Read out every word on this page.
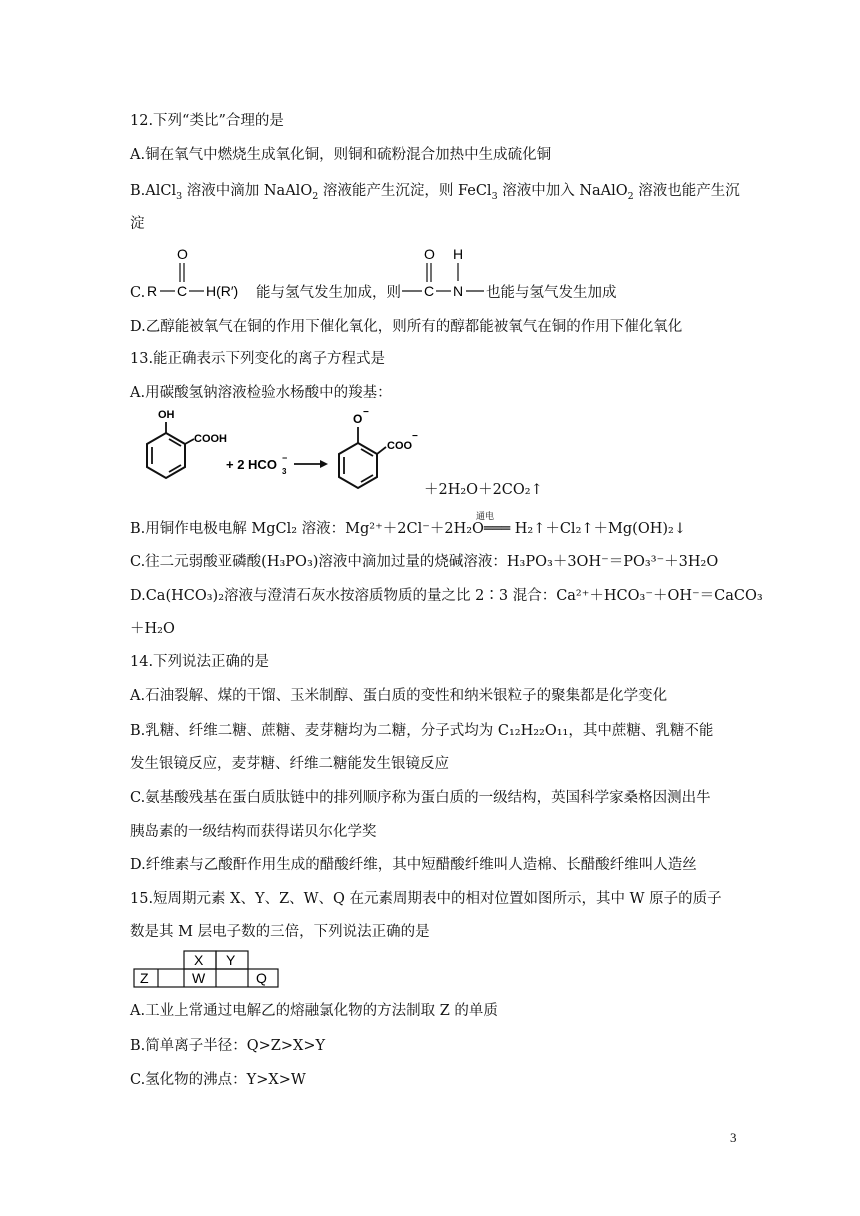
12.下列“类比”合理的是
A.铜在氧气中燃烧生成氧化铜，则铜和硫粉混合加热中生成硫化铜
B.AlCl$_3$ 溶液中滴加 NaAlO$_2$ 溶液能产生沉淀，则 FeCl$_3$ 溶液中加入 NaAlO$_2$ 溶液也能产生沉
淀
C.
O
R C H(R′) 能与氢气发生加成，则
O H
C N 也能与氢气发生加成
D.乙醇能被氧气在铜的作用下催化氧化，则所有的醇都能被氧气在铜的作用下催化氧化
13.能正确表示下列变化的离子方程式是
A.用碳酸氢钠溶液检验水杨酸中的羧基：
OH
COOH
+ 2 HCO 3
−
O −
COO
−
＋2H₂O＋2CO₂↑
通电
B.用铜作电极电解 MgCl₂ 溶液：Mg²⁺＋2Cl⁻＋2H₂O═══ H₂↑＋Cl₂↑＋Mg(OH)₂↓
C.往二元弱酸亚磷酸(H₃PO₃)溶液中滴加过量的烧碱溶液：H₃PO₃＋3OH⁻＝PO₃³⁻＋3H₂O
D.Ca(HCO₃)₂溶液与澄清石灰水按溶质物质的量之比 2∶3 混合：Ca²⁺＋HCO₃⁻＋OH⁻＝CaCO₃
＋H₂O
14.下列说法正确的是
A.石油裂解、煤的干馏、玉米制醇、蛋白质的变性和纳米银粒子的聚集都是化学变化
B.乳糖、纤维二糖、蔗糖、麦芽糖均为二糖，分子式均为 C₁₂H₂₂O₁₁，其中蔗糖、乳糖不能
发生银镜反应，麦芽糖、纤维二糖能发生银镜反应
C.氨基酸残基在蛋白质肽链中的排列顺序称为蛋白质的一级结构，英国科学家桑格因测出牛
胰岛素的一级结构而获得诺贝尔化学奖
D.纤维素与乙酸酐作用生成的醋酸纤维，其中短醋酸纤维叫人造棉、长醋酸纤维叫人造丝
15.短周期元素 X、Y、Z、W、Q 在元素周期表中的相对位置如图所示，其中 W 原子的质子
数是其 M 层电子数的三倍，下列说法正确的是
X Y
Z	W	Q
A.工业上常通过电解乙的熔融氯化物的方法制取 Z 的单质
B.简单离子半径：Q>Z>X>Y
C.氢化物的沸点：Y>X>W
3
